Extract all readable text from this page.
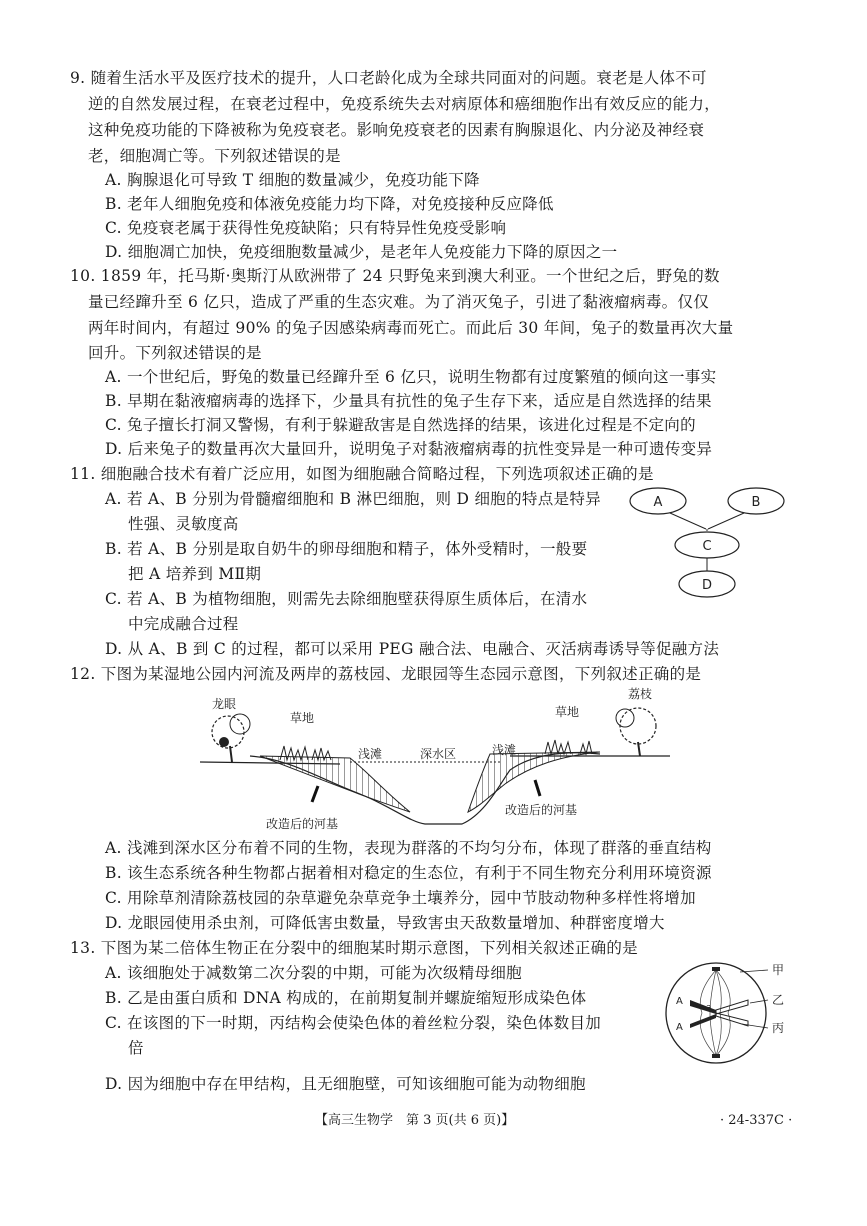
9. 随着生活水平及医疗技术的提升，人口老龄化成为全球共同面对的问题。衰老是人体不可
逆的自然发展过程，在衰老过程中，免疫系统失去对病原体和癌细胞作出有效反应的能力，
这种免疫功能的下降被称为免疫衰老。影响免疫衰老的因素有胸腺退化、内分泌及神经衰
老，细胞凋亡等。下列叙述错误的是
A. 胸腺退化可导致 T 细胞的数量减少，免疫功能下降
B. 老年人细胞免疫和体液免疫能力均下降，对免疫接种反应降低
C. 免疫衰老属于获得性免疫缺陷；只有特异性免疫受影响
D. 细胞凋亡加快，免疫细胞数量减少，是老年人免疫能力下降的原因之一
10. 1859 年，托马斯·奥斯汀从欧洲带了 24 只野兔来到澳大利亚。一个世纪之后，野兔的数
量已经蹿升至 6 亿只，造成了严重的生态灾难。为了消灭兔子，引进了黏液瘤病毒。仅仅
两年时间内，有超过 90% 的兔子因感染病毒而死亡。而此后 30 年间，兔子的数量再次大量
回升。下列叙述错误的是
A. 一个世纪后，野兔的数量已经蹿升至 6 亿只，说明生物都有过度繁殖的倾向这一事实
B. 早期在黏液瘤病毒的选择下，少量具有抗性的兔子生存下来，适应是自然选择的结果
C. 兔子擅长打洞又警惕，有利于躲避敌害是自然选择的结果，该进化过程是不定向的
D. 后来兔子的数量再次大量回升，说明兔子对黏液瘤病毒的抗性变异是一种可遗传变异
11. 细胞融合技术有着广泛应用，如图为细胞融合简略过程，下列选项叙述正确的是
A. 若 A、B 分别为骨髓瘤细胞和 B 淋巴细胞，则 D 细胞的特点是特异
性强、灵敏度高
B. 若 A、B 分别是取自奶牛的卵母细胞和精子，体外受精时，一般要
把 A 培养到 MⅡ期
C. 若 A、B 为植物细胞，则需先去除细胞壁获得原生质体后，在清水
中完成融合过程
D. 从 A、B 到 C 的过程，都可以采用 PEG 融合法、电融合、灭活病毒诱导等促融方法
A	B
C
D
12. 下图为某湿地公园内河流及两岸的荔枝园、龙眼园等生态园示意图，下列叙述正确的是
龙眼
草地
浅滩	深水区	浅滩
草地
荔枝
改造后的河基
改造后的河基
A. 浅滩到深水区分布着不同的生物，表现为群落的不均匀分布，体现了群落的垂直结构
B. 该生态系统各种生物都占据着相对稳定的生态位，有利于不同生物充分利用环境资源
C. 用除草剂清除荔枝园的杂草避免杂草竞争土壤养分，园中节肢动物种多样性将增加
D. 龙眼园使用杀虫剂，可降低害虫数量，导致害虫天敌数量增加、种群密度增大
13. 下图为某二倍体生物正在分裂中的细胞某时期示意图，下列相关叙述正确的是
A. 该细胞处于减数第二次分裂的中期，可能为次级精母细胞
B. 乙是由蛋白质和 DNA 构成的，在前期复制并螺旋缩短形成染色体
C. 在该图的下一时期，丙结构会使染色体的着丝粒分裂，染色体数目加
倍
D. 因为细胞中存在甲结构，且无细胞壁，可知该细胞可能为动物细胞
甲
乙
丙
A
A
a
【高三生物学　第 3 页(共 6 页)】	· 24-337C ·
